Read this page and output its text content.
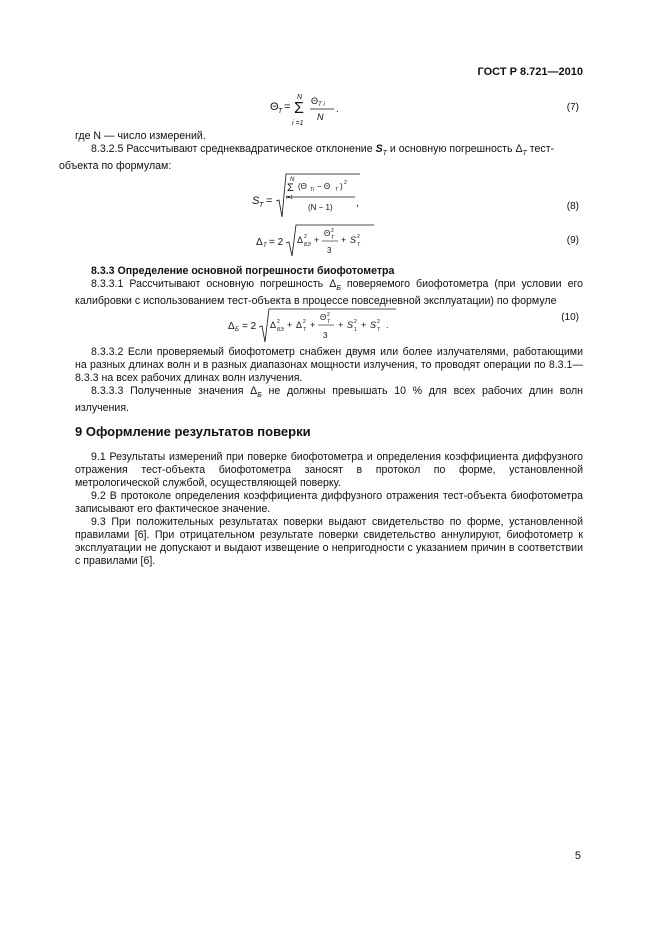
ГОСТ Р 8.721—2010
Θ T =
N
Σ
i =1
Θ T i
N
.	(7)
где N — число измерений.
8.3.2.5 Рассчитывают среднеквадратическое отклонение $S_T$ и основную погрешность $\Delta_T$ тест-
объекта по формулам:
S T =
N
Σ
i=1
(Θ Ti − Θ T ) 2
(N − 1) ,	(8)
Δ T = 2 Δ 2
БЭ +
Θ 2
T
3
+ S 2
T	(9)
8.3.3 Определение основной погрешности биофотометра
8.3.3.1 Рассчитывают основную погрешность $\Delta_Б$ поверяемого биофотометра (при условии его калибровки с использованием тест-объекта в процессе повседневной эксплуатации) по формуле
Δ Б = 2 Δ 2
БЭ + Δ 2
T +
Θ 2
T
3
+ S 2
1 + S 2
T .
(10)
8.3.3.2 Если проверяемый биофотометр снабжен двумя или более излучателями, работающими на разных длинах волн и в разных диапазонах мощности излучения, то проводят операции по 8.3.1—8.3.3 на всех рабочих длинах волн излучения.
8.3.3.3 Полученные значения $\Delta_Б$ не должны превышать 10 % для всех рабочих длин волн излучения.
9 Оформление результатов поверки
9.1 Результаты измерений при поверке биофотометра и определения коэффициента диффузного отражения тест-объекта биофотометра заносят в протокол по форме, установленной метрологической службой, осуществляющей поверку.
9.2 В протоколе определения коэффициента диффузного отражения тест-объекта биофотометра записывают его фактическое значение.
9.3 При положительных результатах поверки выдают свидетельство по форме, установленной правилами [6]. При отрицательном результате поверки свидетельство аннулируют, биофотометр к эксплуатации не допускают и выдают извещение о непригодности с указанием причин в соответствии с правилами [6].
5
